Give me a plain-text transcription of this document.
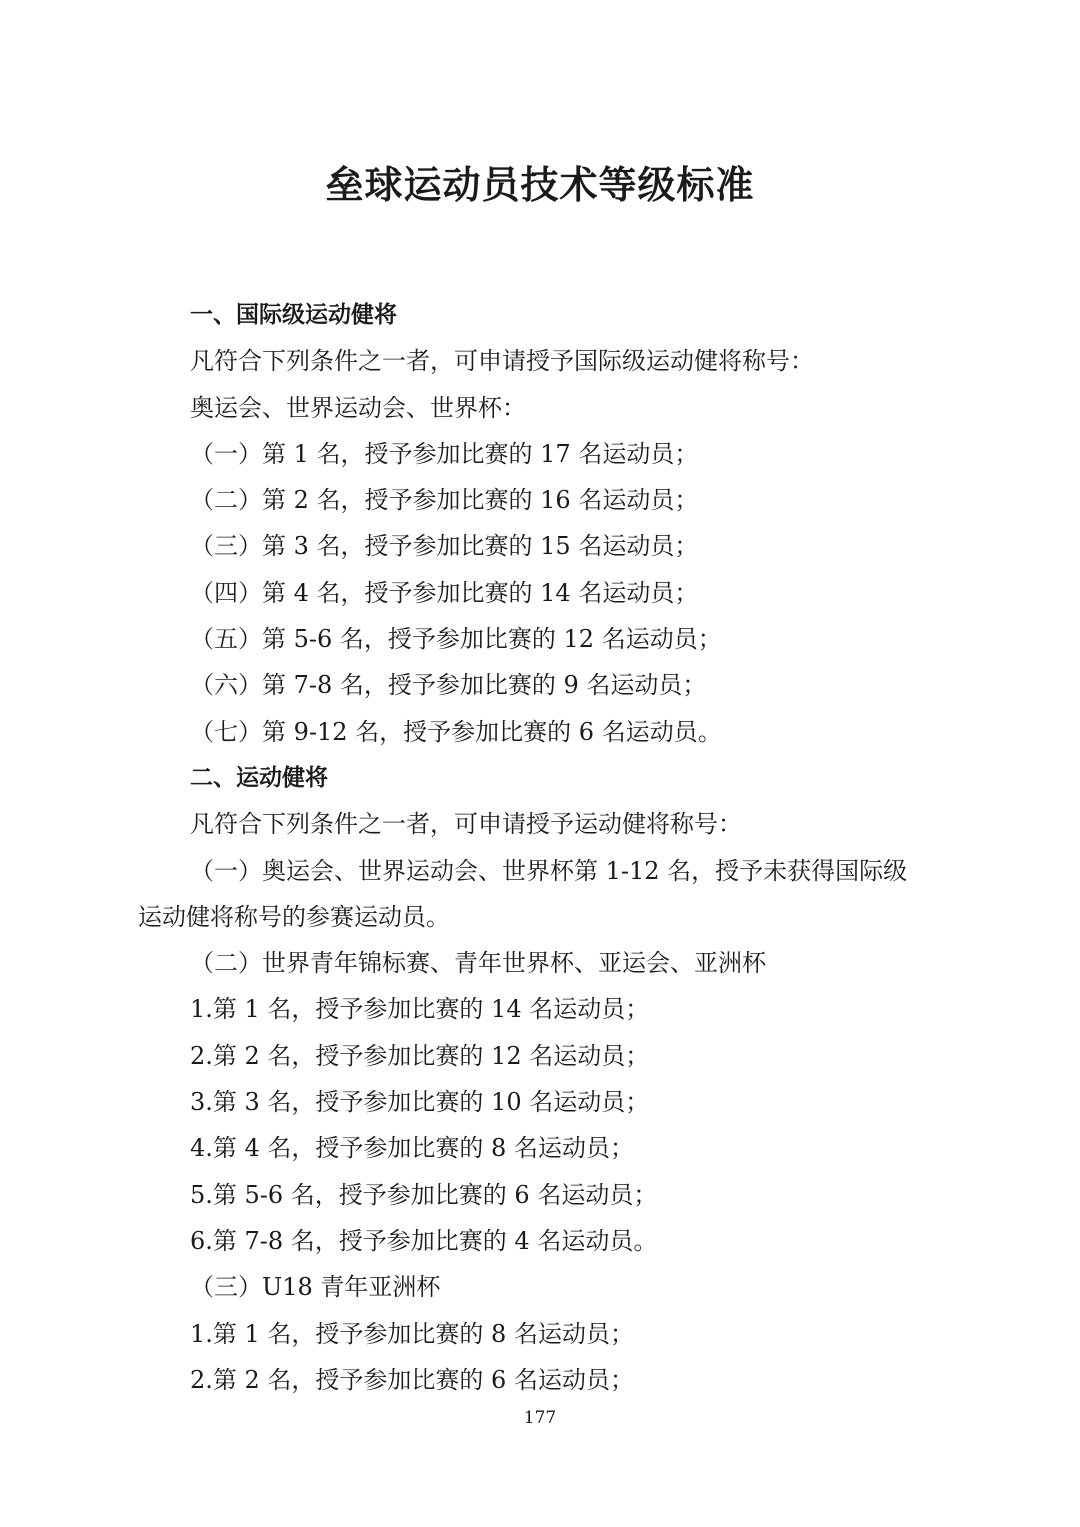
垒球运动员技术等级标准
一、国际级运动健将
凡符合下列条件之一者，可申请授予国际级运动健将称号：
奥运会、世界运动会、世界杯：
（一）第 1 名，授予参加比赛的 17 名运动员；
（二）第 2 名，授予参加比赛的 16 名运动员；
（三）第 3 名，授予参加比赛的 15 名运动员；
（四）第 4 名，授予参加比赛的 14 名运动员；
（五）第 5-6 名，授予参加比赛的 12 名运动员；
（六）第 7-8 名，授予参加比赛的 9 名运动员；
（七）第 9-12 名，授予参加比赛的 6 名运动员。
二、运动健将
凡符合下列条件之一者，可申请授予运动健将称号：
（一）奥运会、世界运动会、世界杯第 1-12 名，授予未获得国际级
运动健将称号的参赛运动员。
（二）世界青年锦标赛、青年世界杯、亚运会、亚洲杯
1.第 1 名，授予参加比赛的 14 名运动员；
2.第 2 名，授予参加比赛的 12 名运动员；
3.第 3 名，授予参加比赛的 10 名运动员；
4.第 4 名，授予参加比赛的 8 名运动员；
5.第 5-6 名，授予参加比赛的 6 名运动员；
6.第 7-8 名，授予参加比赛的 4 名运动员。
（三）U18 青年亚洲杯
1.第 1 名，授予参加比赛的 8 名运动员；
2.第 2 名，授予参加比赛的 6 名运动员；
177
